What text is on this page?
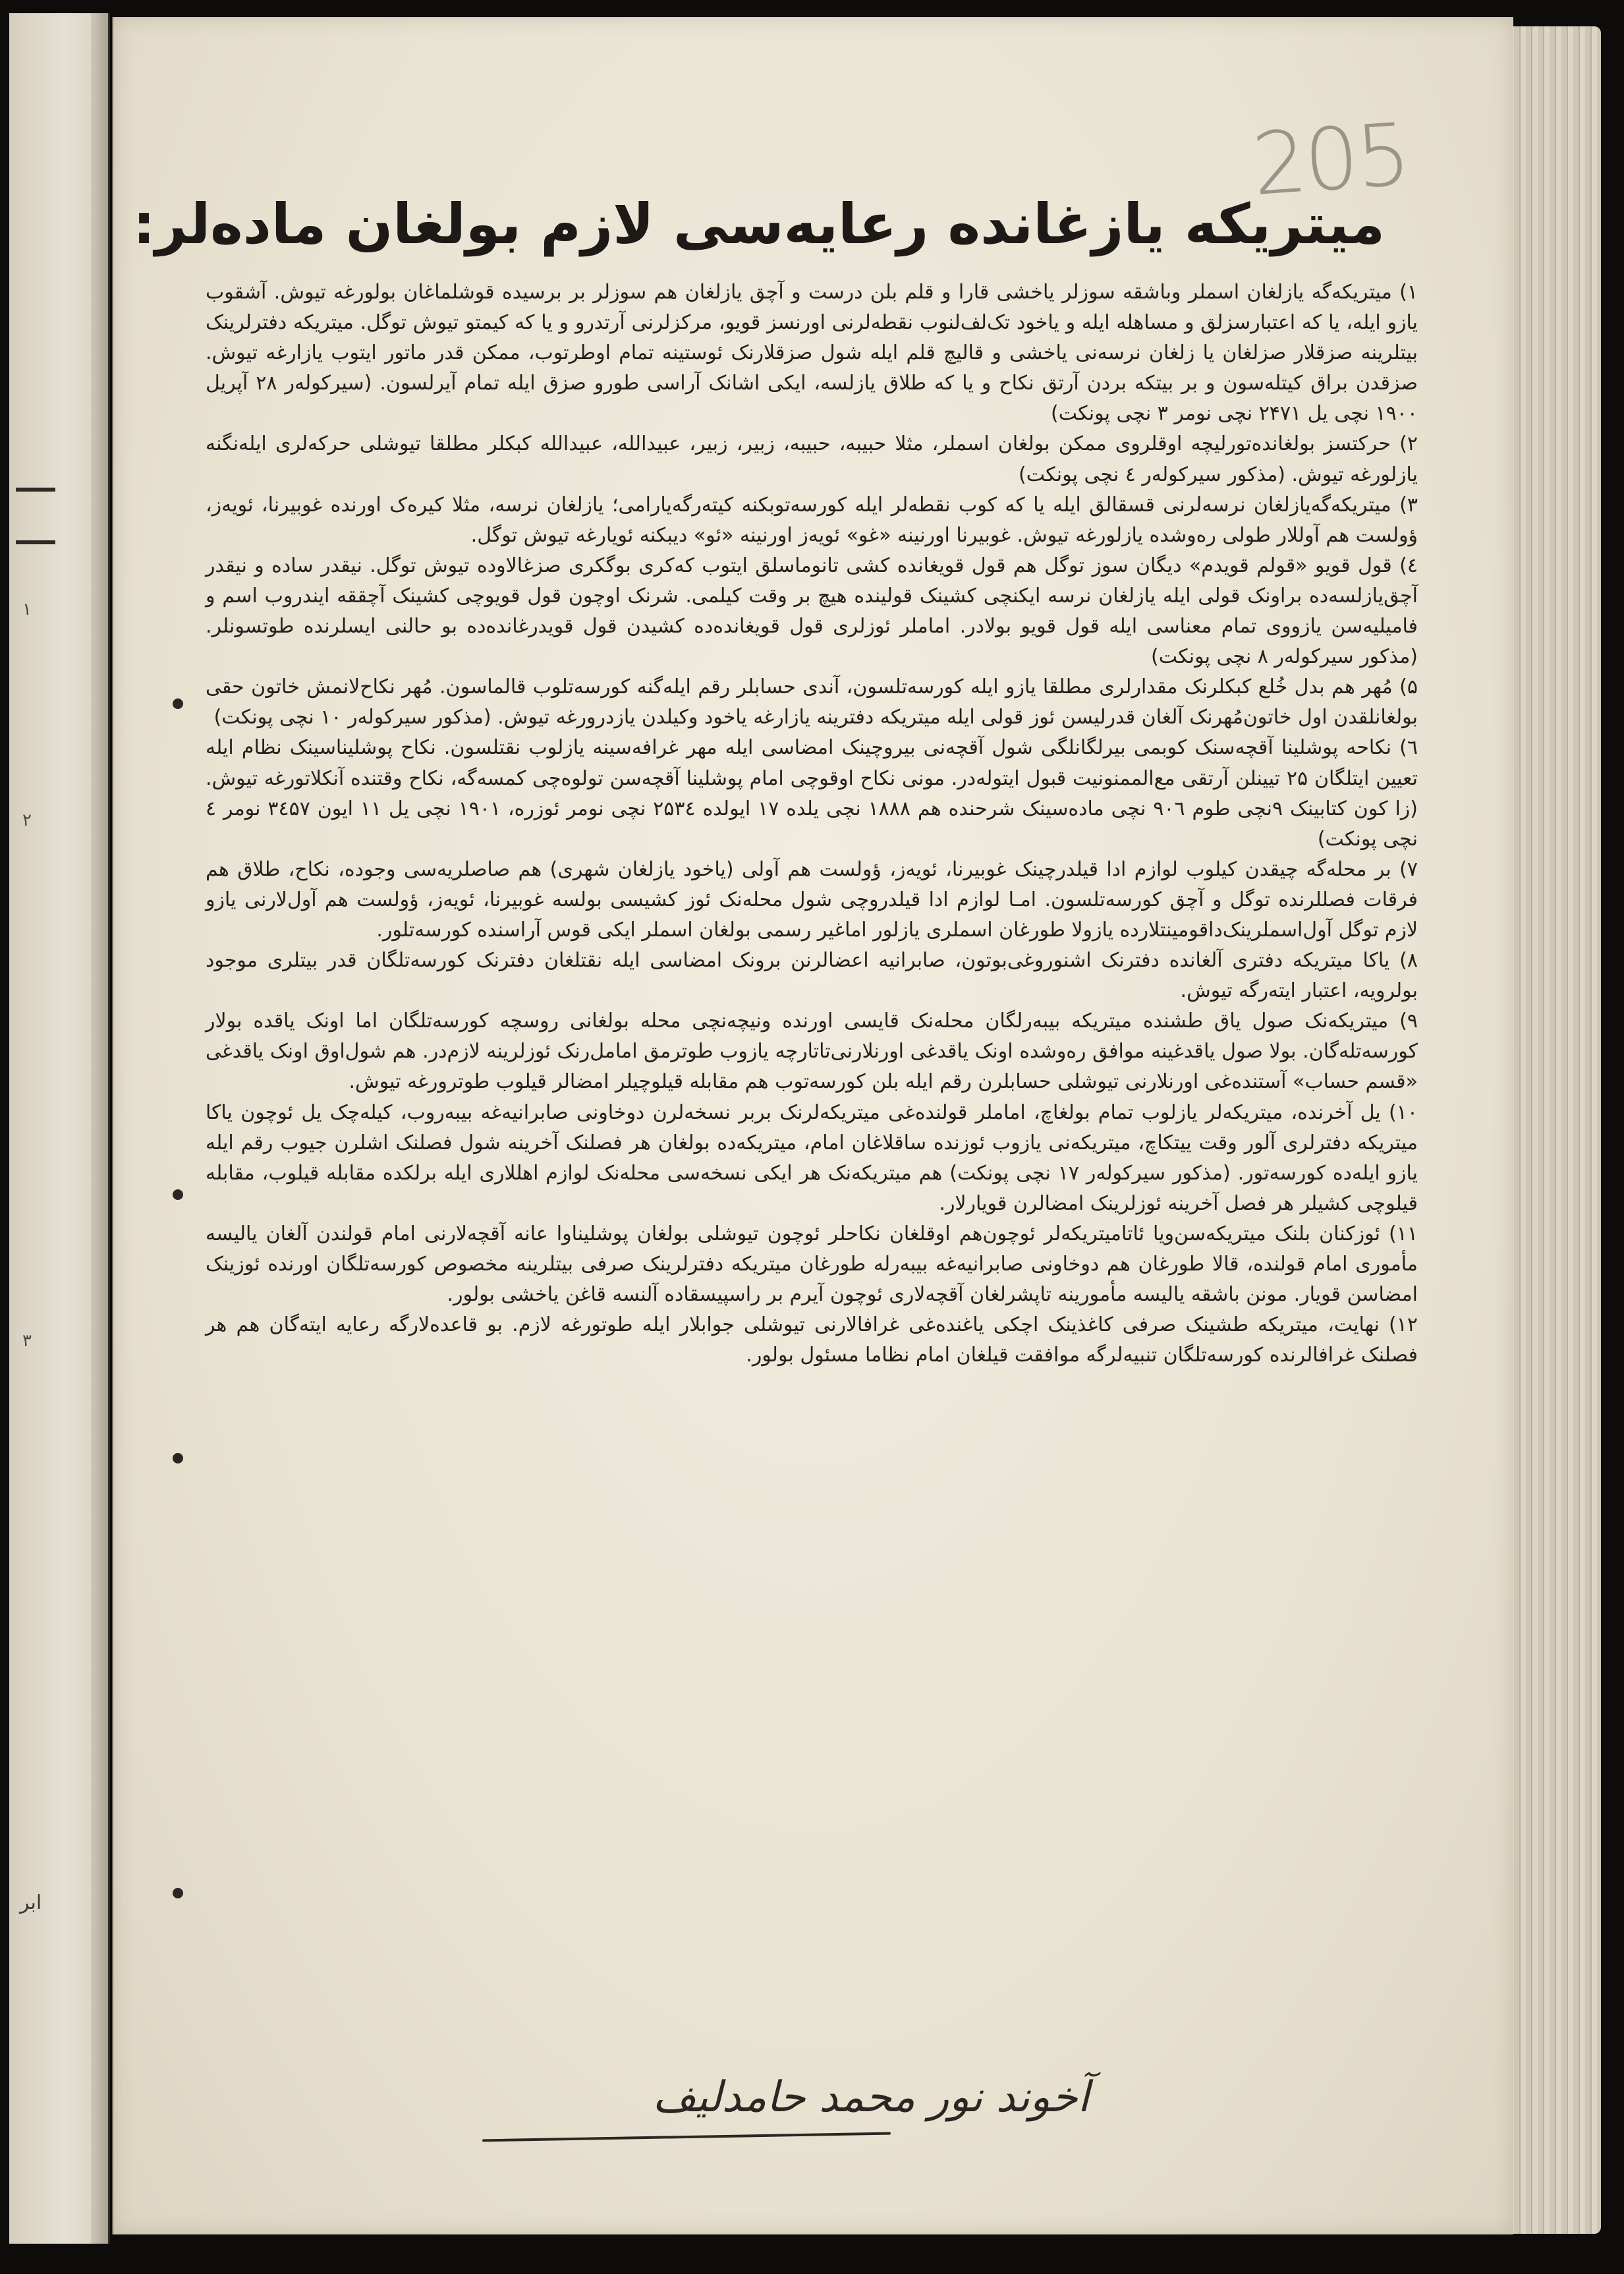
۱
۲
۳
ابر
205
میتریکه یازغانده رعایه‌سی لازم بولغان ماده‌لر:

۱) میتریکه‌گه یازلغان اسملر وباشقه سوزلر یاخشی قارا و قلم بلن درست و آچق یازلغان هم سوزلر بر برسیده قوشلماغان بولورغه تیوش. آشقوب یازو ایله، یا که اعتبارسزلق و مساهله ایله و یاخود تک‌لف‌لنوب نقطه‌لرنی اورنسز قویو، مرکزلرنی آرتدرو و یا که کیمتو تیوش توگل. میتریکه دفترلرینک بیتلرینه صزقلار صزلغان یا‌ زلغان نرسه‌نی یاخشی و قالیچ قلم ایله شول صزقلارنک ئوستینه تمام اوطرتوب، ممکن قدر ماتور ایتوب یازارغه تیوش. صزقدن براق کیتله‌سون و بر بیتکه بردن آرتق نکاح و یا که طلاق یازلسه، ایکی اشانک آراسی طورو صزق ایله تمام آیرلسون. (سیرکوله‌ر ۲۸ آپریل ۱۹۰۰ نچی یل ۲۴۷۱ نچی نومر ۳ نچی پونکت)

۲) حرکتسز بولغانده‌تورلیچه اوقلروی ممکن بولغان اسملر، مثلا حبیبه، حبیبه، زبیر، زبیر، عبید‌الله، عبیدالله کبکلر مطلقا تیوشلی حرکه‌لری ایله‌نگنه یازلورغه تیوش. (مذکور سیرکوله‌ر ٤ نچی پونکت)

۳) میتریکه‌گه‌یازلغان نرسه‌لرنی قسقالق ایله یا که کوب نقطه‌لر ایله کورسه‌توبکنه کیته‌رگه‌یارامی؛ یازلغان نرسه، مثلا کیره‌ک اورنده غوبیرنا، ئویه‌ز، ؤولست هم آوللار طولی رەوشده یازلورغه تیوش. غوبیرنا اورنینه «غو» ئویه‌ز اورنینه «ئو» دیبکنه ئویارغه تیوش توگل.

٤) قول قویو «قولم قویدم» دیگان سوز توگل هم قول قویغانده کشی تانوماسلق ایتوب که‌کری بوگکری صزغالاوده تیوش توگل. نیقدر ساده و نیقدر آچق‌یازلسه‌ده براونک قولی ایله یازلغان نرسه ایکنچی کشینک قولینده هیچ بر وقت کیلمی. شرنک اوچون قول قویوچی کشینک آچققه ایندروب اسم و فامیلیه‌سن یازووی تمام معناسی ایله قول قویو بولادر. اماملر ئوزلری قول قویغانده‌ده کشیدن قول قویدرغانده‌ده بو حالنی ایسلرنده طوتسونلر. (مذکور سیرکوله‌ر ۸ نچی پونکت)

۵) مُهر هم بدل خُلع کبکلرنک مقدارلری مطلقا یازو ایله کورسه‌تلسون، آندی حسابلر رقم ایله‌گنه کورسه‌تلوب قالماسون. مُهر نکاح‌لانمش خاتون حقی بولغانلقدن اول خاتون‌مُهرنک آلغان قدرلیسن ئوز قولی ایله میتریکه دفترینه یازارغه یاخود وکیلدن یازدرورغه تیوش. (مذکور سیرکوله‌ر ۱۰ نچی پونکت)

٦) نکاحه پوشلینا آقچه‌سنک کوبمی بیرلگانلگی شول آقچه‌نی بیروچینک امضاسی ایله مهر غرافه‌سینه یازلوب نقتلسون. نکاح پوشلیناسینک نظام ایله تعیین ایتلگان ۲۵ تیینلن آرتقی مع‌الممنونیت قبول ایتوله‌در. مونی نکاح اوقوچی امام پوشلینا آقچه‌سن تولوه‌چی کمسه‌گه، نکاح وقتنده آنکلاتورغه تیوش. (زا کون کتابینک ۹نچی طوم ۹۰٦ نچی ماده‌سینک شرحنده هم ۱۸۸۸ نچی یلده ۱۷ ایولده ۲۵۳٤ نچی نومر ئوزره، ۱۹۰۱ نچی یل ۱۱ ایون ۳٤۵۷ نومر ٤ نچی پونکت)

۷) بر محله‌گه چیقدن کیلوب لوازم ادا قیلدرچینک غوبیرنا، ئویه‌ز، ؤولست هم آولی (یاخود یازلغان شهری) هم صاصلریه‌سی وجوده، نکاح، طلاق هم فرقات فصللرنده توگل و آچق کورسه‌تلسون. امـا لوازم ادا قیلدروچی شول محلەنک ئوز کشیسی بولسه غوبیرنا، ئویه‌ز، ؤولست هم آول‌لارنی یازو لازم توگل آول‌اسملرینک‌داقومینتلارده یازولا طورغان اسملری یازلور اماغیر رسمی بولغان اسملر ایکی قوس آراسنده کورسه‌تلور.

۸) یاکا میتریکه دفتری آلغانده دفترنک اشنوروغی‌بوتون، صابرانیه اعضالرنن برونک امضاسی ایله نقتلغان دفترنک کورسه‌تلگان قدر بیتلری موجود بولرویه، اعتبار ایتەرگه تیوش.

۹) میتریکه‌نک صول یاق طشنده میتریکه بیبه‌رلگان محلەنک قایسی اورنده ونیچەنچی محله بولغانی روسچه کورسه‌تلگان اما اونک یاقده بولار کورسه‌تله‌گان. بولا صول یاقدغینه موافق رەوشده اونک یاقدغی اورنلارنى‌تاتارچه یازوب طوترمق امامل‌رنک ئوزلرینه لازم‌در. هم شول‌اوق اونک یاقدغی «قسم حساب» آستنده‌غی اورنلارنی تیوشلی حسابلرن رقم ایله بلن کورسه‌توب هم مقابله قیلوچیلر امضالر قیلوب طوترورغه تیوش.

۱۰) یل آخرنده، میتریکه‌لر یازلوب تمام بولغاچ، اماملر قولنده‌غی میتریکه‌لرنک بر‌بر نسخه‌لرن دوخاونی صابرانیه‌غه بیبه‌روب، کیله‌چک یل ئوچون یاکا میتریکه دفترلری آلور وقت ییتکاچ، میتریکه‌نی یازوب ئوزنده ساقلاغان امام، میتریکه‌ده بولغان هر فصلنک آخرینه شول فصلنک اشلرن جیوب رقم ایله یازو ایله‌ده کورسه‌تور. (مذکور سیرکوله‌ر ۱۷ نچی پونکت) هم میتریکه‌نک هر ایکی نسخه‌سی محله‌نک لوازم اهللاری ایله برلکده مقابله قیلوب، مقابله قیلوچی کشیلر هر فصل آخرینه ئوزلرینک امضالرن قویارلار.

۱۱) ئوزکنان بلنک میتریکه‌سن‌ویا ئاتامیتریکه‌لر ئوچون‌هم اوقلغان نکاحلر ئوچون تیوشلی بولغان پوشلیناوا عانه آقچه‌لارنی امام قولندن آلغان یالیسه مأموری امام قولنده، قالا طورغان هم دوخاونی صابرانیه‌غه بیبه‌رله طورغان میتریکه دفترلرینک صرفی بیتلرینه مخصوص کورسه‌تلگان اورنده ئوزینک امضاسن قویار. مونن باشقه یالیسه مأمورینه تاپشرلغان آقچه‌لاری ئوچون آیرم بر راسپیسقاده آلنسه قاغن یاخشی بولور.

۱۲) نهایت، میتریکه طشینک صرفی کاغذینک اچکی یاغنده‌غی غرافالارنی تیوشلی جوابلار ایله طوتورغه لازم. بو قاعده‌لارگه رعایه ایته‌گان هم هر فصلنک غرافالرنده کورسه‌تلگان تنبیه‌لرگه موافقت قیلغان امام نظاما مسئول بولور.

آخوند نور محمد حامدلیف
